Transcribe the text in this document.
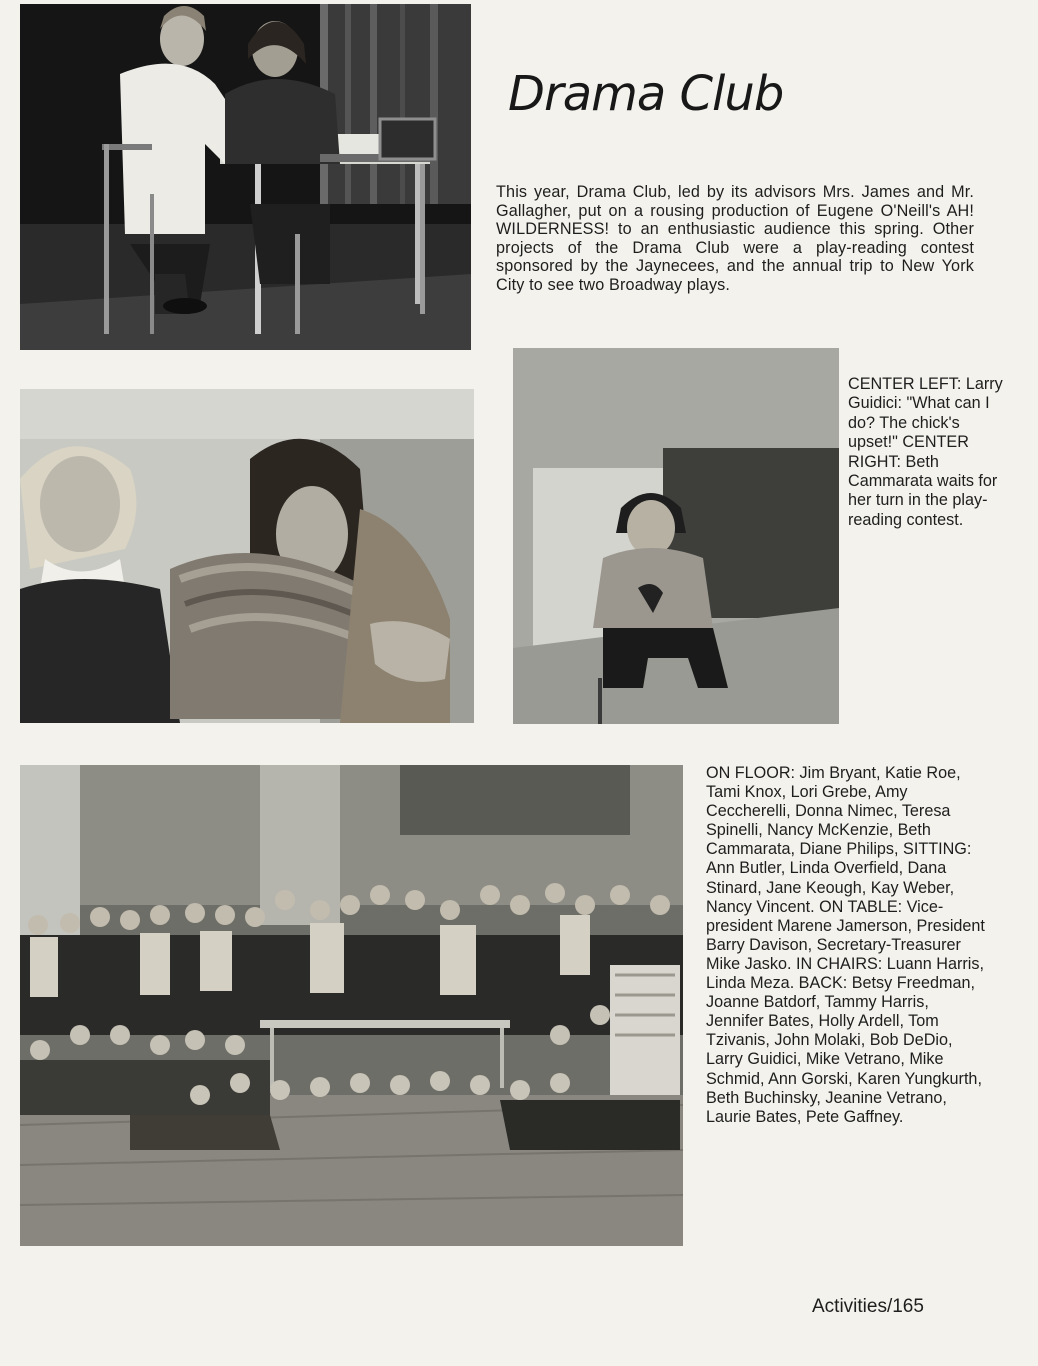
Drama Club

This year, Drama Club, led by its advisors Mrs. James and Mr. Gallagher, put on a rousing production of Eugene O'Neill's AH! WILDERNESS! to an enthusiastic audience this spring. Other projects of the Drama Club were a play-reading contest sponsored by the Jaynecees, and the annual trip to New York City to see two Broadway plays.

CENTER LEFT: Larry Guidici: "What can I do? The chick's upset!" CENTER RIGHT: Beth Cammarata waits for her turn in the play-reading contest.

ON FLOOR: Jim Bryant, Katie Roe, Tami Knox, Lori Grebe, Amy Ceccherelli, Donna Nimec, Teresa Spinelli, Nancy McKenzie, Beth Cammarata, Diane Philips, SITTING: Ann Butler, Linda Overfield, Dana Stinard, Jane Keough, Kay Weber, Nancy Vincent. ON TABLE: Vice-president Marene Jamerson, President Barry Davison, Secretary-Treasurer Mike Jasko. IN CHAIRS: Luann Harris, Linda Meza. BACK: Betsy Freedman, Joanne Batdorf, Tammy Harris, Jennifer Bates, Holly Ardell, Tom Tzivanis, John Molaki, Bob DeDio, Larry Guidici, Mike Vetrano, Mike Schmid, Ann Gorski, Karen Yungkurth, Beth Buchinsky, Jeanine Vetrano, Laurie Bates, Pete Gaffney.

Activities/165
